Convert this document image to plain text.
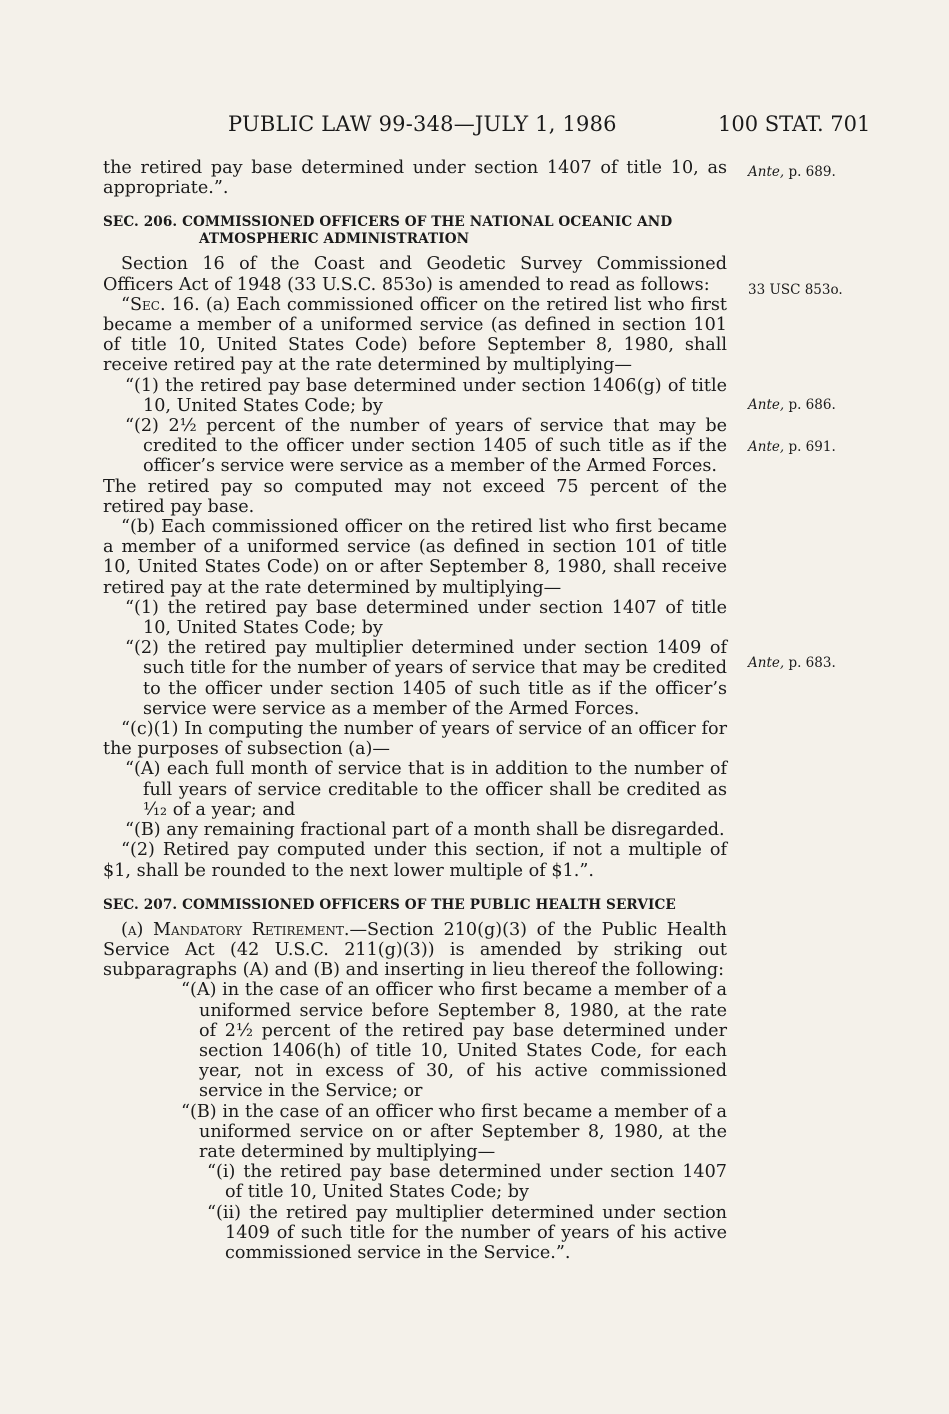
PUBLIC LAW 99-348—JULY 1, 1986	100 STAT. 701
Ante, p. 689.
33 USC 853o.
Ante, p. 686.
Ante, p. 691.
Ante, p. 683.

the retired pay base determined under section 1407 of title 10, as appropriate.”.

SEC. 206. COMMISSIONED OFFICERS OF THE NATIONAL OCEANIC AND
ATMOSPHERIC ADMINISTRATION

Section 16 of the Coast and Geodetic Survey Commissioned Officers Act of 1948 (33 U.S.C. 853o) is amended to read as follows:

“Sec. 16. (a) Each commissioned officer on the retired list who first became a member of a uniformed service (as defined in section 101 of title 10, United States Code) before September 8, 1980, shall receive retired pay at the rate determined by multiplying—

“(1) the retired pay base determined under section 1406(g) of title 10, United States Code; by

“(2) 2½ percent of the number of years of service that may be credited to the officer under section 1405 of such title as if the officer’s service were service as a member of the Armed Forces.

The retired pay so computed may not exceed 75 percent of the retired pay base.

“(b) Each commissioned officer on the retired list who first became a member of a uniformed service (as defined in section 101 of title 10, United States Code) on or after September 8, 1980, shall receive retired pay at the rate determined by multiplying—

“(1) the retired pay base determined under section 1407 of title 10, United States Code; by

“(2) the retired pay multiplier determined under section 1409 of such title for the number of years of service that may be credited to the officer under section 1405 of such title as if the officer’s service were service as a member of the Armed Forces.

“(c)(1) In computing the number of years of service of an officer for the purposes of subsection (a)—

“(A) each full month of service that is in addition to the number of full years of service creditable to the officer shall be credited as ¹⁄₁₂ of a year; and

“(B) any remaining fractional part of a month shall be disregarded.

“(2) Retired pay computed under this section, if not a multiple of $1, shall be rounded to the next lower multiple of $1.”.

SEC. 207. COMMISSIONED OFFICERS OF THE PUBLIC HEALTH SERVICE

(a) Mandatory Retirement.—Section 210(g)(3) of the Public Health Service Act (42 U.S.C. 211(g)(3)) is amended by striking out subparagraphs (A) and (B) and inserting in lieu thereof the following:

“(A) in the case of an officer who first became a member of a uniformed service before September 8, 1980, at the rate of 2½ percent of the retired pay base determined under section 1406(h) of title 10, United States Code, for each year, not in excess of 30, of his active commissioned service in the Service; or

“(B) in the case of an officer who first became a member of a uniformed service on or after September 8, 1980, at the rate determined by multiplying—

“(i) the retired pay base determined under section 1407 of title 10, United States Code; by

“(ii) the retired pay multiplier determined under section 1409 of such title for the number of years of his active commissioned service in the Service.”.
